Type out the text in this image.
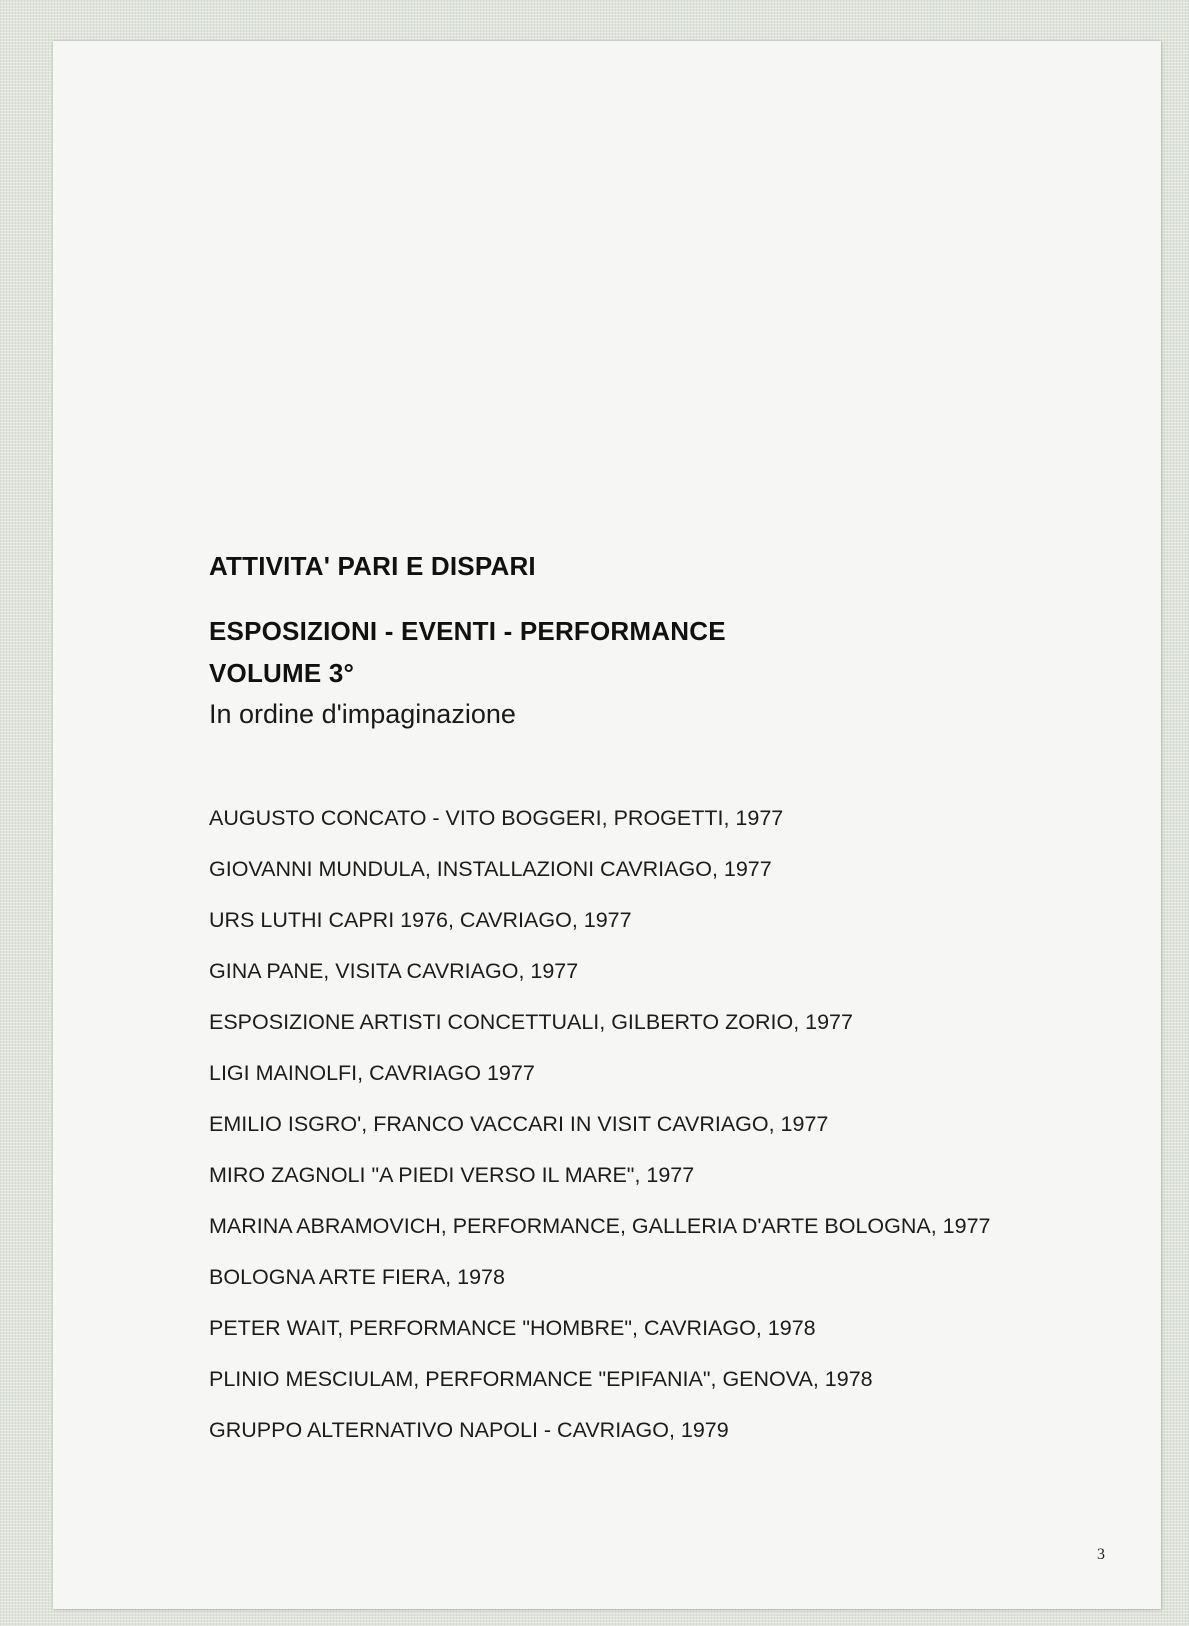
ATTIVITA' PARI E DISPARI
ESPOSIZIONI - EVENTI - PERFORMANCE
VOLUME 3°

In ordine d'impaginazione

AUGUSTO CONCATO - VITO BOGGERI, PROGETTI, 1977
GIOVANNI MUNDULA, INSTALLAZIONI CAVRIAGO, 1977
URS LUTHI CAPRI 1976, CAVRIAGO, 1977
GINA PANE, VISITA CAVRIAGO, 1977
ESPOSIZIONE ARTISTI CONCETTUALI, GILBERTO ZORIO, 1977
LIGI MAINOLFI, CAVRIAGO 1977
EMILIO ISGRO', FRANCO VACCARI IN VISIT CAVRIAGO, 1977
MIRO ZAGNOLI "A PIEDI VERSO IL MARE", 1977
MARINA ABRAMOVICH, PERFORMANCE, GALLERIA D'ARTE BOLOGNA, 1977
BOLOGNA ARTE FIERA, 1978
PETER WAIT, PERFORMANCE "HOMBRE", CAVRIAGO, 1978
PLINIO MESCIULAM, PERFORMANCE "EPIFANIA", GENOVA, 1978
GRUPPO ALTERNATIVO NAPOLI - CAVRIAGO, 1979
3
